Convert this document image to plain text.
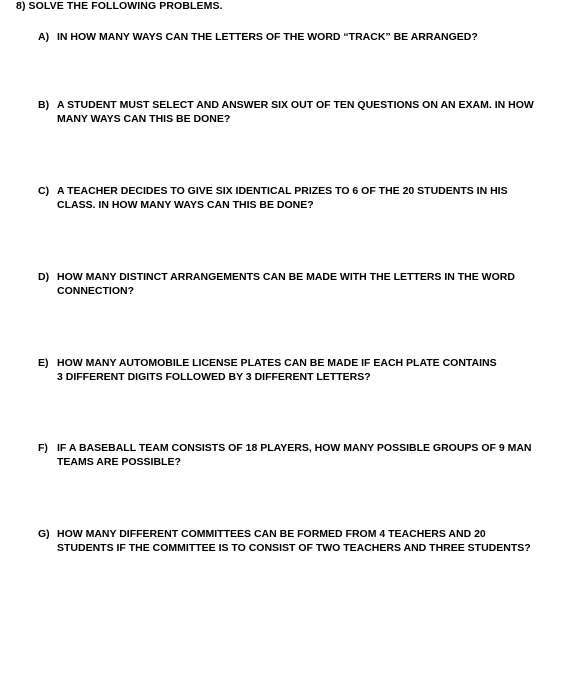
8) SOLVE THE FOLLOWING PROBLEMS.
A) IN HOW MANY WAYS CAN THE LETTERS OF THE WORD “TRACK” BE ARRANGED?
B) A STUDENT MUST SELECT AND ANSWER SIX OUT OF TEN QUESTIONS ON AN EXAM. IN HOW MANY WAYS CAN THIS BE DONE?
C) A TEACHER DECIDES TO GIVE SIX IDENTICAL PRIZES TO 6 OF THE 20 STUDENTS IN HIS CLASS. IN HOW MANY WAYS CAN THIS BE DONE?
D) HOW MANY DISTINCT ARRANGEMENTS CAN BE MADE WITH THE LETTERS IN THE WORD CONNECTION?
E) HOW MANY AUTOMOBILE LICENSE PLATES CAN BE MADE IF EACH PLATE CONTAINS 3 DIFFERENT DIGITS FOLLOWED BY 3 DIFFERENT LETTERS?
F) IF A BASEBALL TEAM CONSISTS OF 18 PLAYERS, HOW MANY POSSIBLE GROUPS OF 9 MAN TEAMS ARE POSSIBLE?
G) HOW MANY DIFFERENT COMMITTEES CAN BE FORMED FROM 4 TEACHERS AND 20 STUDENTS IF THE COMMITTEE IS TO CONSIST OF TWO TEACHERS AND THREE STUDENTS?
